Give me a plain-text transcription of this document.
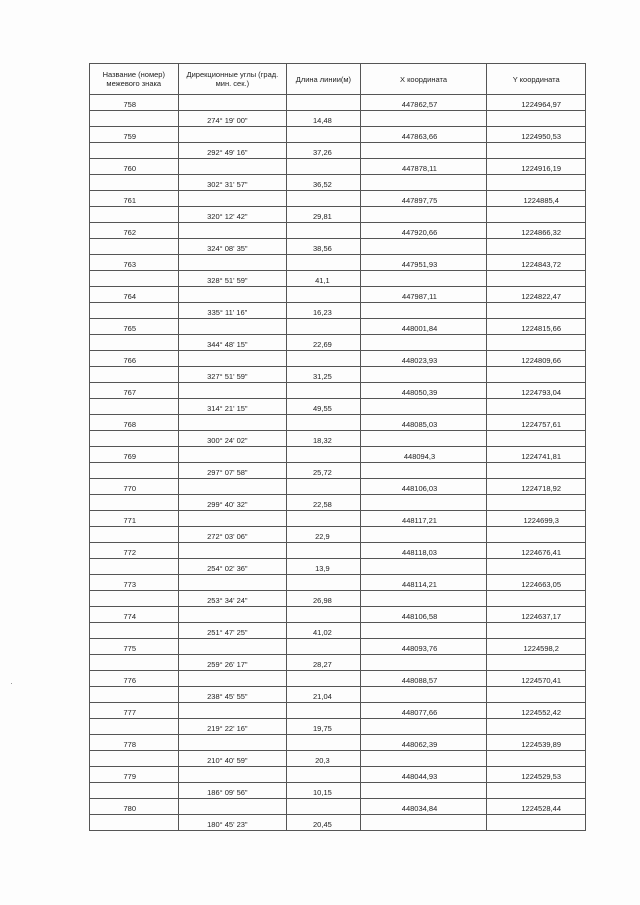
Название (номер) межевого знака	Дирекционные углы (град. мин. сек.)	Длина линии(м)	X координата	Y координата

758			447862,57	1224964,97

	274° 19' 00"	14,48		

759			447863,66	1224950,53

	292° 49' 16"	37,26		

760			447878,11	1224916,19

	302° 31' 57"	36,52		

761			447897,75	1224885,4

	320° 12' 42"	29,81		

762			447920,66	1224866,32

	324° 08' 35"	38,56		

763			447951,93	1224843,72

	328° 51' 59"	41,1		

764			447987,11	1224822,47

	335° 11' 16"	16,23		

765			448001,84	1224815,66

	344° 48' 15"	22,69		

766			448023,93	1224809,66

	327° 51' 59"	31,25		

767			448050,39	1224793,04

	314° 21' 15"	49,55		

768			448085,03	1224757,61

	300° 24' 02"	18,32		

769			448094,3	1224741,81

	297° 07' 58"	25,72		

770			448106,03	1224718,92

	299° 40' 32"	22,58		

771			448117,21	1224699,3

	272° 03' 06"	22,9		

772			448118,03	1224676,41

	254° 02' 36"	13,9		

773			448114,21	1224663,05

	253° 34' 24"	26,98		

774			448106,58	1224637,17

	251° 47' 25"	41,02		

775			448093,76	1224598,2

	259° 26' 17"	28,27		

776			448088,57	1224570,41

	238° 45' 55"	21,04		

777			448077,66	1224552,42

	219° 22' 16"	19,75		

778			448062,39	1224539,89

	210° 40' 59"	20,3		

779			448044,93	1224529,53

	186° 09' 56"	10,15		

780			448034,84	1224528,44

	180° 45' 23"	20,45		
